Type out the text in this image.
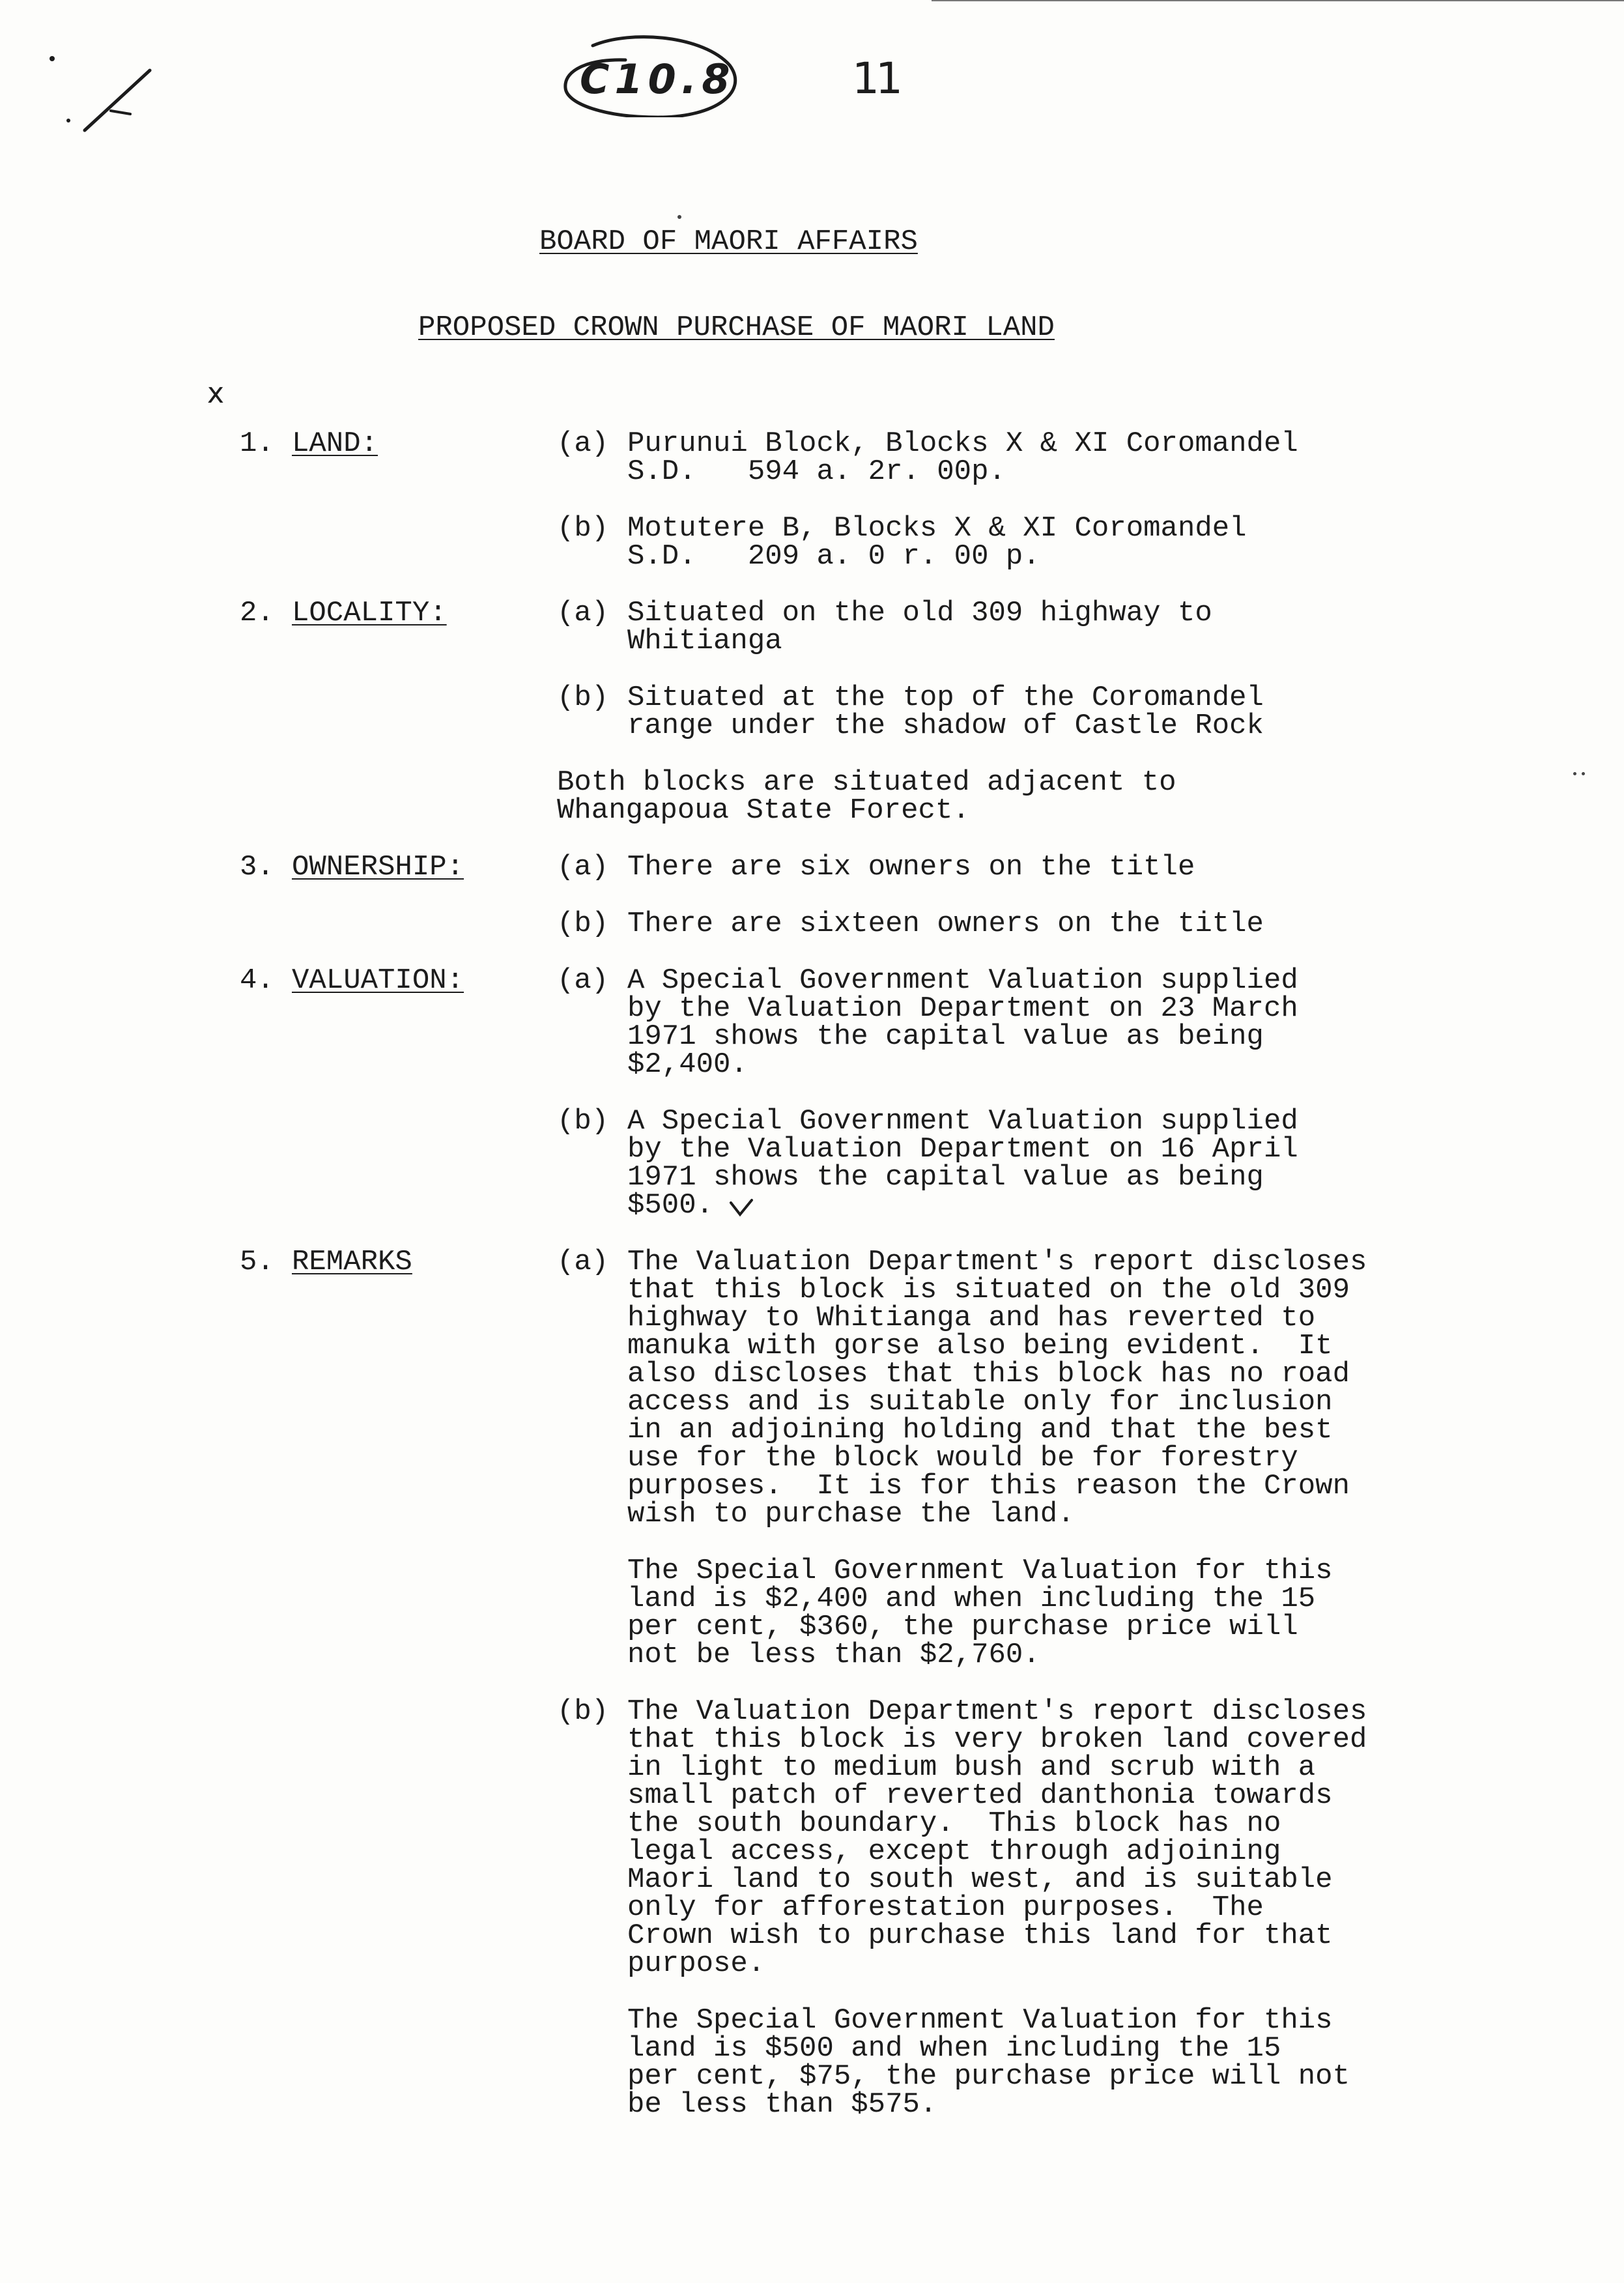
C10.8	11
BOARD OF MAORI AFFAIRS
PROPOSED CROWN PURCHASE OF MAORI LAND
x
1. LAND:	(a) Purunui Block, Blocks X & XI Coromandel
S.D.   594 a. 2r. 00p.
(b) Motutere B, Blocks X & XI Coromandel
S.D.   209 a. 0 r. 00 p.
2. LOCALITY:	(a) Situated on the old 309 highway to
Whitianga
(b) Situated at the top of the Coromandel
range under the shadow of Castle Rock
Both blocks are situated adjacent to
Whangapoua State Forect.
3. OWNERSHIP:	(a) There are six owners on the title
(b) There are sixteen owners on the title
4. VALUATION:	(a) A Special Government Valuation supplied
by the Valuation Department on 23 March
1971 shows the capital value as being
$2,400.
(b) A Special Government Valuation supplied
by the Valuation Department on 16 April
1971 shows the capital value as being
$500.
5. REMARKS	(a) The Valuation Department's report discloses
that this block is situated on the old 309
highway to Whitianga and has reverted to
manuka with gorse also being evident.  It
also discloses that this block has no road
access and is suitable only for inclusion
in an adjoining holding and that the best
use for the block would be for forestry
purposes.  It is for this reason the Crown
wish to purchase the land.
The Special Government Valuation for this
land is $2,400 and when including the 15
per cent, $360, the purchase price will
not be less than $2,760.
(b) The Valuation Department's report discloses
that this block is very broken land covered
in light to medium bush and scrub with a
small patch of reverted danthonia towards
the south boundary.  This block has no
legal access, except through adjoining
Maori land to south west, and is suitable
only for afforestation purposes.  The
Crown wish to purchase this land for that
purpose.
The Special Government Valuation for this
land is $500 and when including the 15
per cent, $75, the purchase price will not
be less than $575.
